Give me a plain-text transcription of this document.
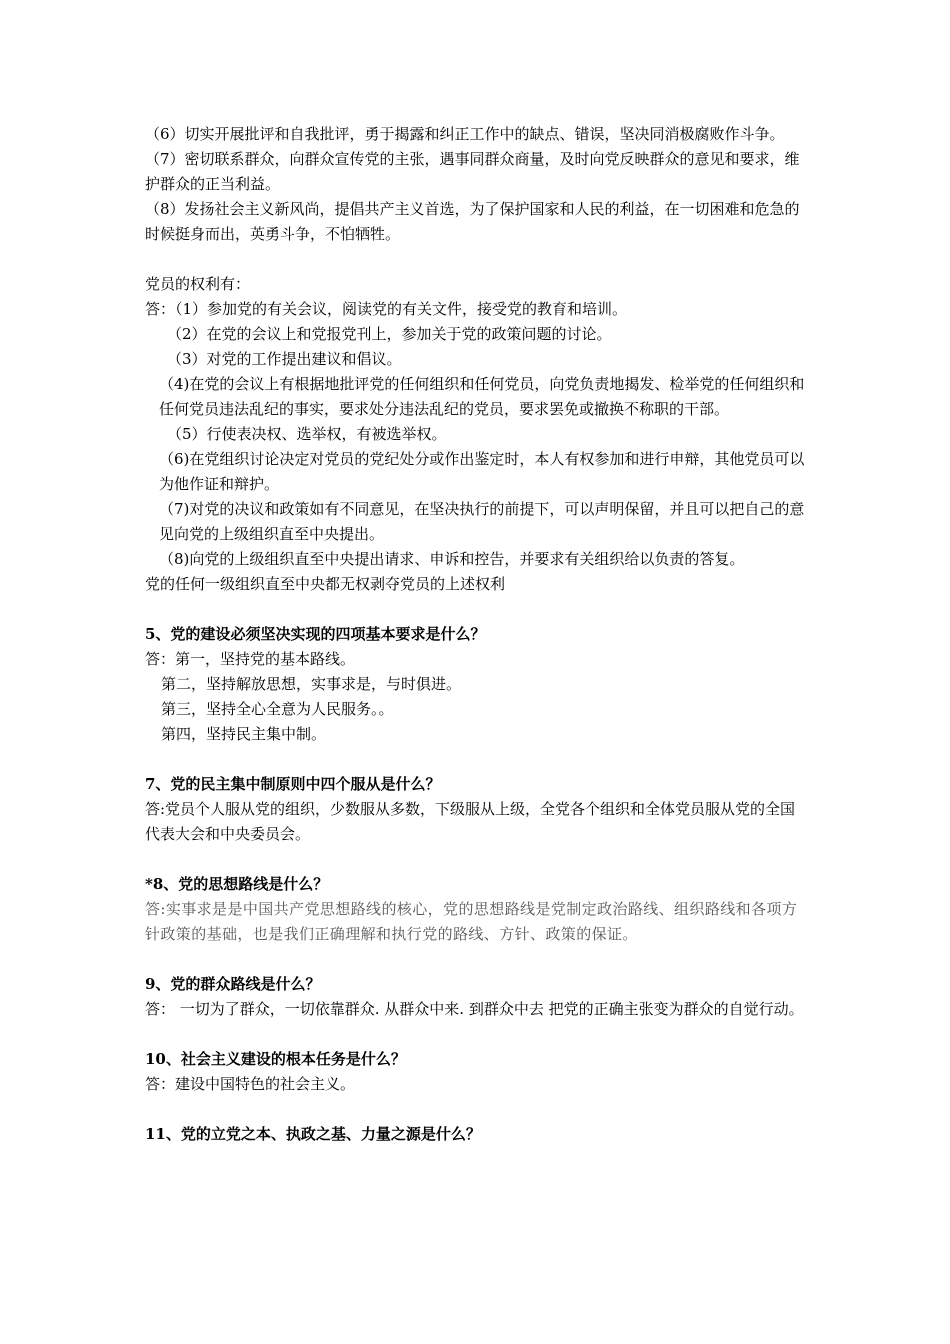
（6）切实开展批评和自我批评，勇于揭露和纠正工作中的缺点、错误，坚决同消极腐败作斗争。

（7）密切联系群众，向群众宣传党的主张，遇事同群众商量，及时向党反映群众的意见和要求，维护群众的正当利益。

（8）发扬社会主义新风尚，提倡共产主义首选，为了保护国家和人民的利益，在一切困难和危急的时候挺身而出，英勇斗争，不怕牺牲。

党员的权利有：

答：（1）参加党的有关会议，阅读党的有关文件，接受党的教育和培训。

（2）在党的会议上和党报党刊上，参加关于党的政策问题的讨论。

（3）对党的工作提出建议和倡议。

（4)在党的会议上有根据地批评党的任何组织和任何党员，向党负责地揭发、检举党的任何组织和任何党员违法乱纪的事实，要求处分违法乱纪的党员，要求罢免或撤换不称职的干部。

（5）行使表决权、选举权，有被选举权。

（6)在党组织讨论决定对党员的党纪处分或作出鉴定时，本人有权参加和进行申辩，其他党员可以为他作证和辩护。

（7)对党的决议和政策如有不同意见，在坚决执行的前提下，可以声明保留，并且可以把自己的意见向党的上级组织直至中央提出。

（8)向党的上级组织直至中央提出请求、申诉和控告，并要求有关组织给以负责的答复。

党的任何一级组织直至中央都无权剥夺党员的上述权利

5、党的建设必须坚决实现的四项基本要求是什么？

答：第一，坚持党的基本路线。

第二，坚持解放思想，实事求是，与时俱进。

第三，坚持全心全意为人民服务。。

第四，坚持民主集中制。

7、党的民主集中制原则中四个服从是什么？

答:党员个人服从党的组织，少数服从多数，下级服从上级，全党各个组织和全体党员服从党的全国代表大会和中央委员会。

*8、党的思想路线是什么？

答:实事求是是中国共产党思想路线的核心，党的思想路线是党制定政治路线、组织路线和各项方针政策的基础，也是我们正确理解和执行党的路线、方针、政策的保证。

9、党的群众路线是什么？

答： 一切为了群众，一切依靠群众. 从群众中来. 到群众中去 把党的正确主张变为群众的自觉行动。

10、社会主义建设的根本任务是什么？

答：建设中国特色的社会主义。

11、党的立党之本、执政之基、力量之源是什么？
